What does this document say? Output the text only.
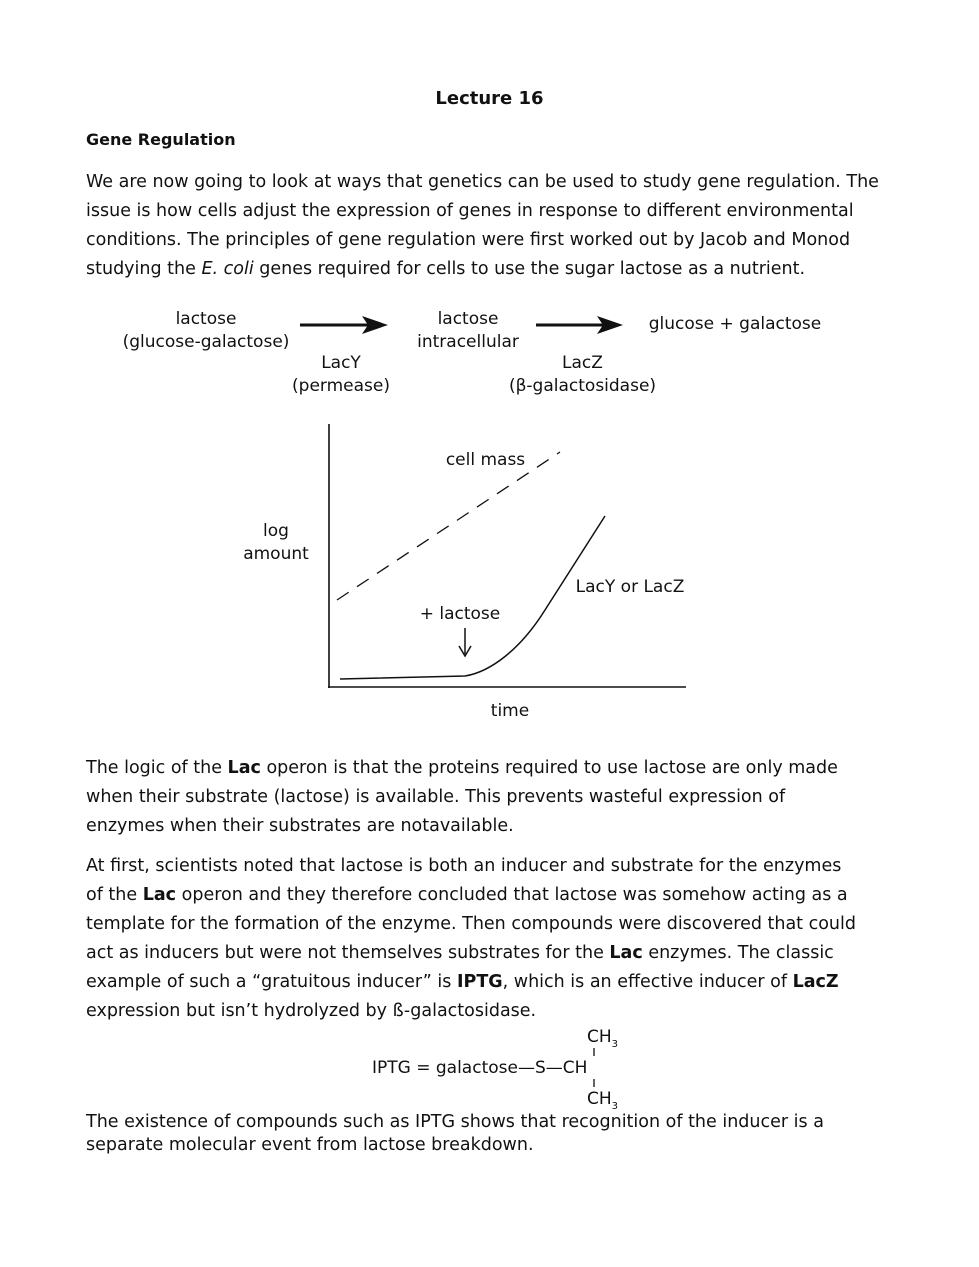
Lecture 16
Gene Regulation
We are now going to look at ways that genetics can be used to study gene regulation. The
issue is how cells adjust the expression of genes in response to different environmental
conditions. The principles of gene regulation were first worked out by Jacob and Monod
studying the E. coli genes required for cells to use the sugar lactose as a nutrient.
lactose
(glucose-galactose)
lactose
intracellular
glucose + galactose
LacY
(permease)
LacZ
(β-galactosidase)
log
amount
time
cell mass
LacY or LacZ
+ lactose
The logic of the Lac operon is that the proteins required to use lactose are only made
when their substrate (lactose) is available. This prevents wasteful expression of
enzymes when their substrates are notavailable.
At first, scientists noted that lactose is both an inducer and substrate for the enzymes
of the Lac operon and they therefore concluded that lactose was somehow acting as a
template for the formation of the enzyme. Then compounds were discovered that could
act as inducers but were not themselves substrates for the Lac enzymes. The classic
example of such a “gratuitous inducer” is IPTG, which is an effective inducer of LacZ
expression but isn’t hydrolyzed by ß-galactosidase.
$CH_3$
IPTG = galactose—S—CH
$CH_3$
The existence of compounds such as IPTG shows that recognition of the inducer is a
separate molecular event from lactose breakdown.
